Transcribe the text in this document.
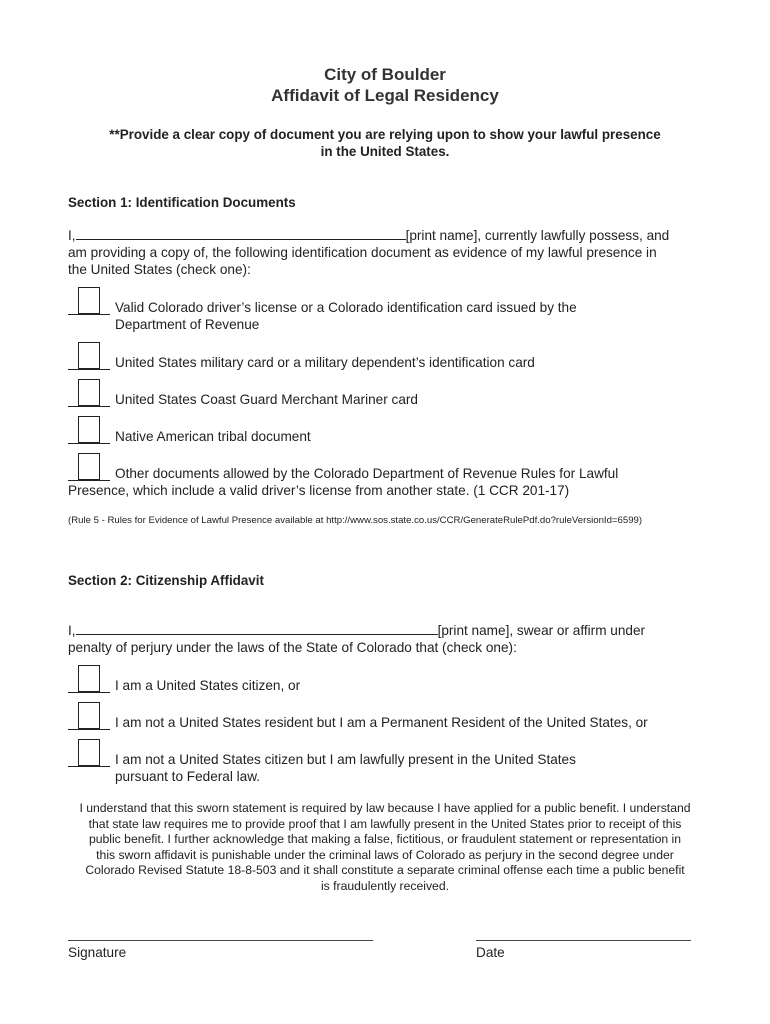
City of Boulder
Affidavit of Legal Residency
**Provide a clear copy of document you are relying upon to show your lawful presence
in the United States.
Section 1: Identification Documents
I,	[print name], currently lawfully possess, and
am providing a copy of, the following identification document as evidence of my lawful presence in
the United States (check one):
Valid Colorado driver’s license or a Colorado identification card issued by the
Department of Revenue
United States military card or a military dependent’s identification card
United States Coast Guard Merchant Mariner card
Native American tribal document
Other documents allowed by the Colorado Department of Revenue Rules for Lawful
Presence, which include a valid driver’s license from another state. (1 CCR 201-17)
(Rule 5 - Rules for Evidence of Lawful Presence available at http://www.sos.state.co.us/CCR/GenerateRulePdf.do?ruleVersionId=6599)
Section 2: Citizenship Affidavit
I,	[print name], swear or affirm under
penalty of perjury under the laws of the State of Colorado that (check one):
I am a United States citizen, or
I am not a United States resident but I am a Permanent Resident of the United States, or
I am not a United States citizen but I am lawfully present in the United States
pursuant to Federal law.
I understand that this sworn statement is required by law because I have applied for a public benefit. I understand
that state law requires me to provide proof that I am lawfully present in the United States prior to receipt of this
public benefit. I further acknowledge that making a false, fictitious, or fraudulent statement or representation in
this sworn affidavit is punishable under the criminal laws of Colorado as perjury in the second degree under
Colorado Revised Statute 18-8-503 and it shall constitute a separate criminal offense each time a public benefit
is fraudulently received.
Signature	Date
